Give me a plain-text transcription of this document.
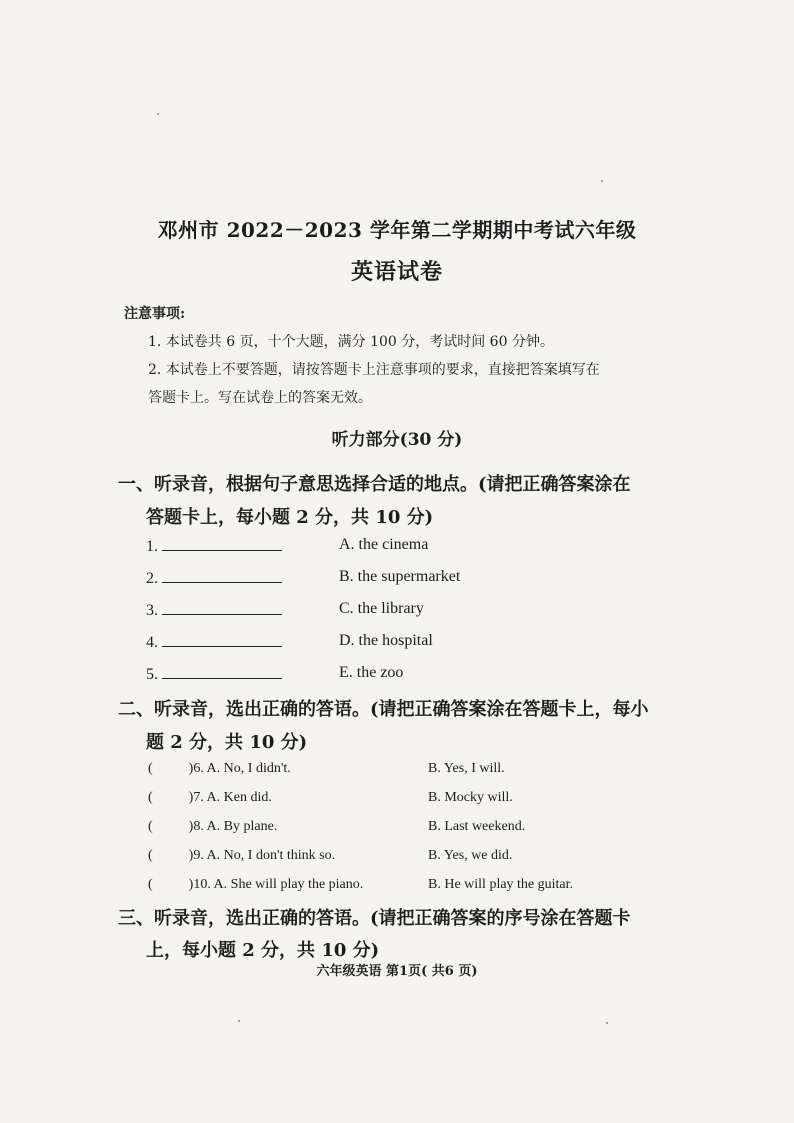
邓州市 2022－2023 学年第二学期期中考试六年级
英语试卷
注意事项:
1. 本试卷共 6 页，十个大题，满分 100 分，考试时间 60 分钟。
2. 本试卷上不要答题，请按答题卡上注意事项的要求，直接把答案填写在
答题卡上。写在试卷上的答案无效。
听力部分(30 分)
一、听录音，根据句子意思选择合适的地点。(请把正确答案涂在
答题卡上，每小题 2 分，共 10 分)
1.	A. the cinema
2.	B. the supermarket
3.	C. the library
4.	D. the hospital
5.	E. the zoo
二、听录音，选出正确的答语。(请把正确答案涂在答题卡上，每小
题 2 分，共 10 分)
(	)6. A. No, I didn't.	B. Yes, I will.
(	)7. A. Ken did.	B. Mocky will.
(	)8. A. By plane.	B. Last weekend.
(	)9. A. No, I don't think so.	B. Yes, we did.
(	)10. A. She will play the piano.	B. He will play the guitar.
三、听录音，选出正确的答语。(请把正确答案的序号涂在答题卡
上，每小题 2 分，共 10 分)
六年级英语 第1页( 共6 页)
